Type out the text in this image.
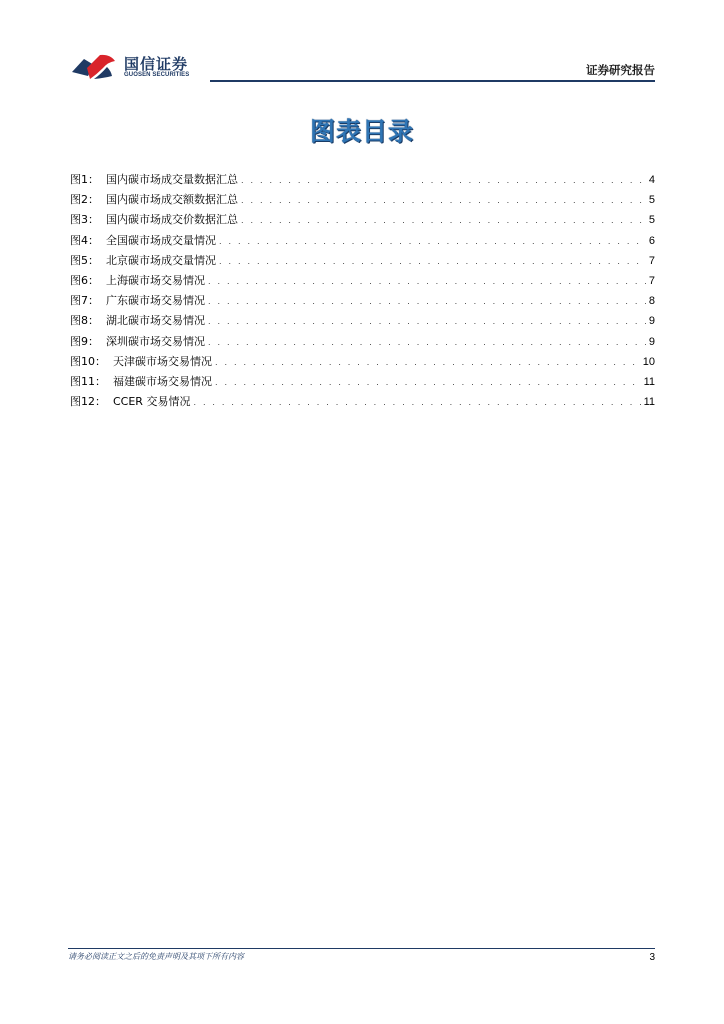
国信证券
GUOSEN SECURITIES	证券研究报告
图表目录
图1：  国内碳市场成交量数据汇总 . . .	4
图2：  国内碳市场成交额数据汇总 . . .	5
图3：  国内碳市场成交价数据汇总 . . .	5
图4：  全国碳市场成交量情况 . . .	6
图5：  北京碳市场成交量情况 . . .	7
图6：  上海碳市场交易情况 . . .	7
图7：  广东碳市场交易情况 . . .	8
图8：  湖北碳市场交易情况 . . .	9
图9：  深圳碳市场交易情况 . . .	9
图10：  天津碳市场交易情况 . . .	10
图11：  福建碳市场交易情况 . . .	11
图12：  CCER 交易情况 . . .	11
请务必阅读正文之后的免责声明及其项下所有内容	3
